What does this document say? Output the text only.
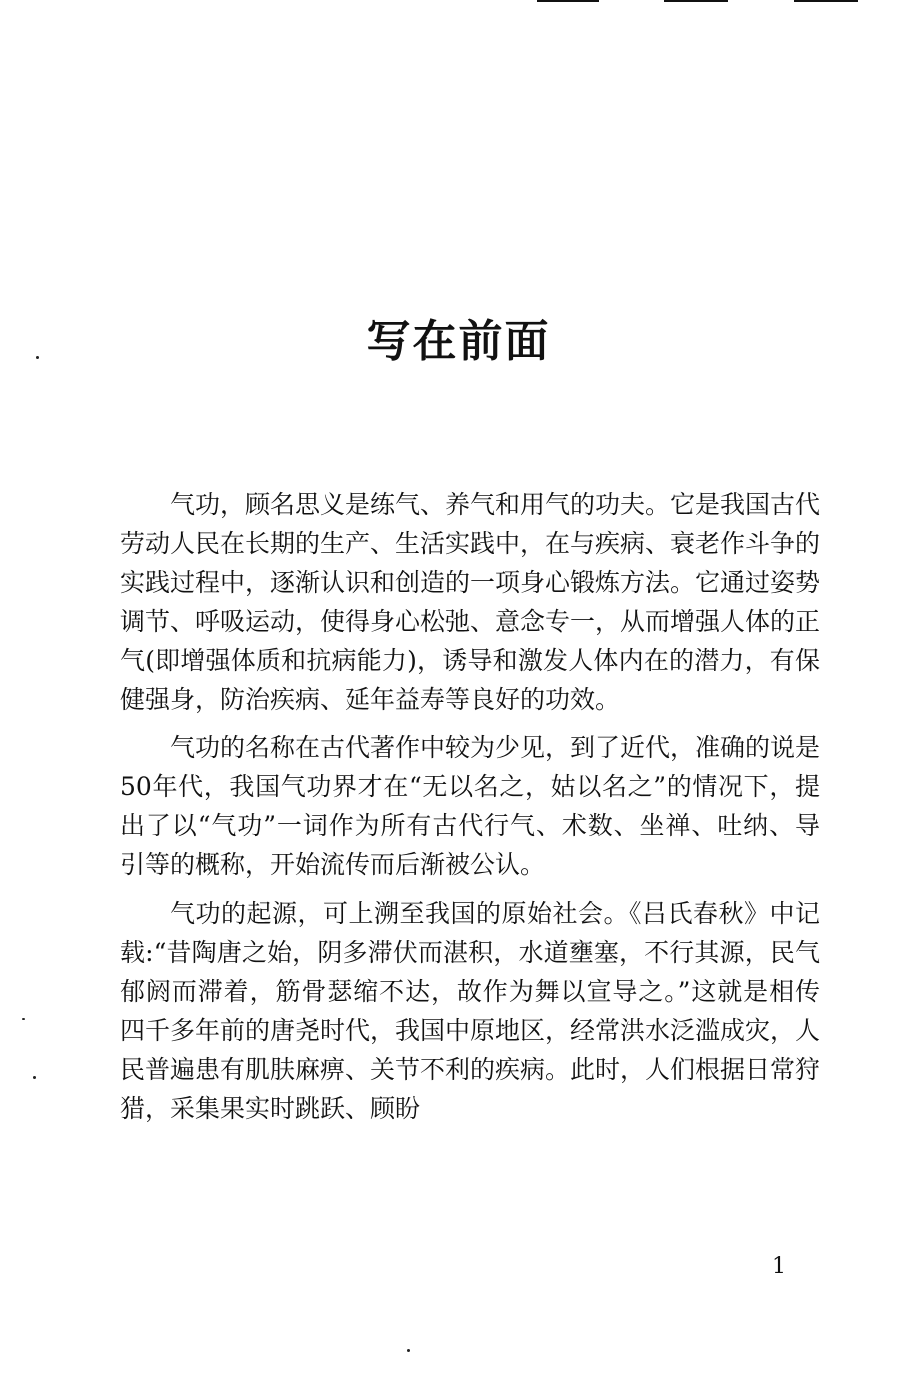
写在前面

气功，顾名思义是练气、养气和用气的功夫。它是我国古代劳动人民在长期的生产、生活实践中，在与疾病、衰老作斗争的实践过程中，逐渐认识和创造的一项身心锻炼方法。它通过姿势调节、呼吸运动，使得身心松弛、意念专一，从而增强人体的正气(即增强体质和抗病能力)，诱导和激发人体内在的潜力，有保健强身，防治疾病、延年益寿等良好的功效。

气功的名称在古代著作中较为少见，到了近代，准确的说是50年代，我国气功界才在“无以名之，姑以名之”的情况下，提出了以“气功”一词作为所有古代行气、术数、坐禅、吐纳、导引等的概称，开始流传而后渐被公认。

气功的起源，可上溯至我国的原始社会。《吕氏春秋》中记载:“昔陶唐之始，阴多滞伏而湛积，水道壅塞，不行其源，民气郁阏而滞着，筋骨瑟缩不达，故作为舞以宣导之。”这就是相传四千多年前的唐尧时代，我国中原地区，经常洪水泛滥成灾，人民普遍患有肌肤麻痹、关节不利的疾病。此时，人们根据日常狩猎，采集果实时跳跃、顾盼

1
